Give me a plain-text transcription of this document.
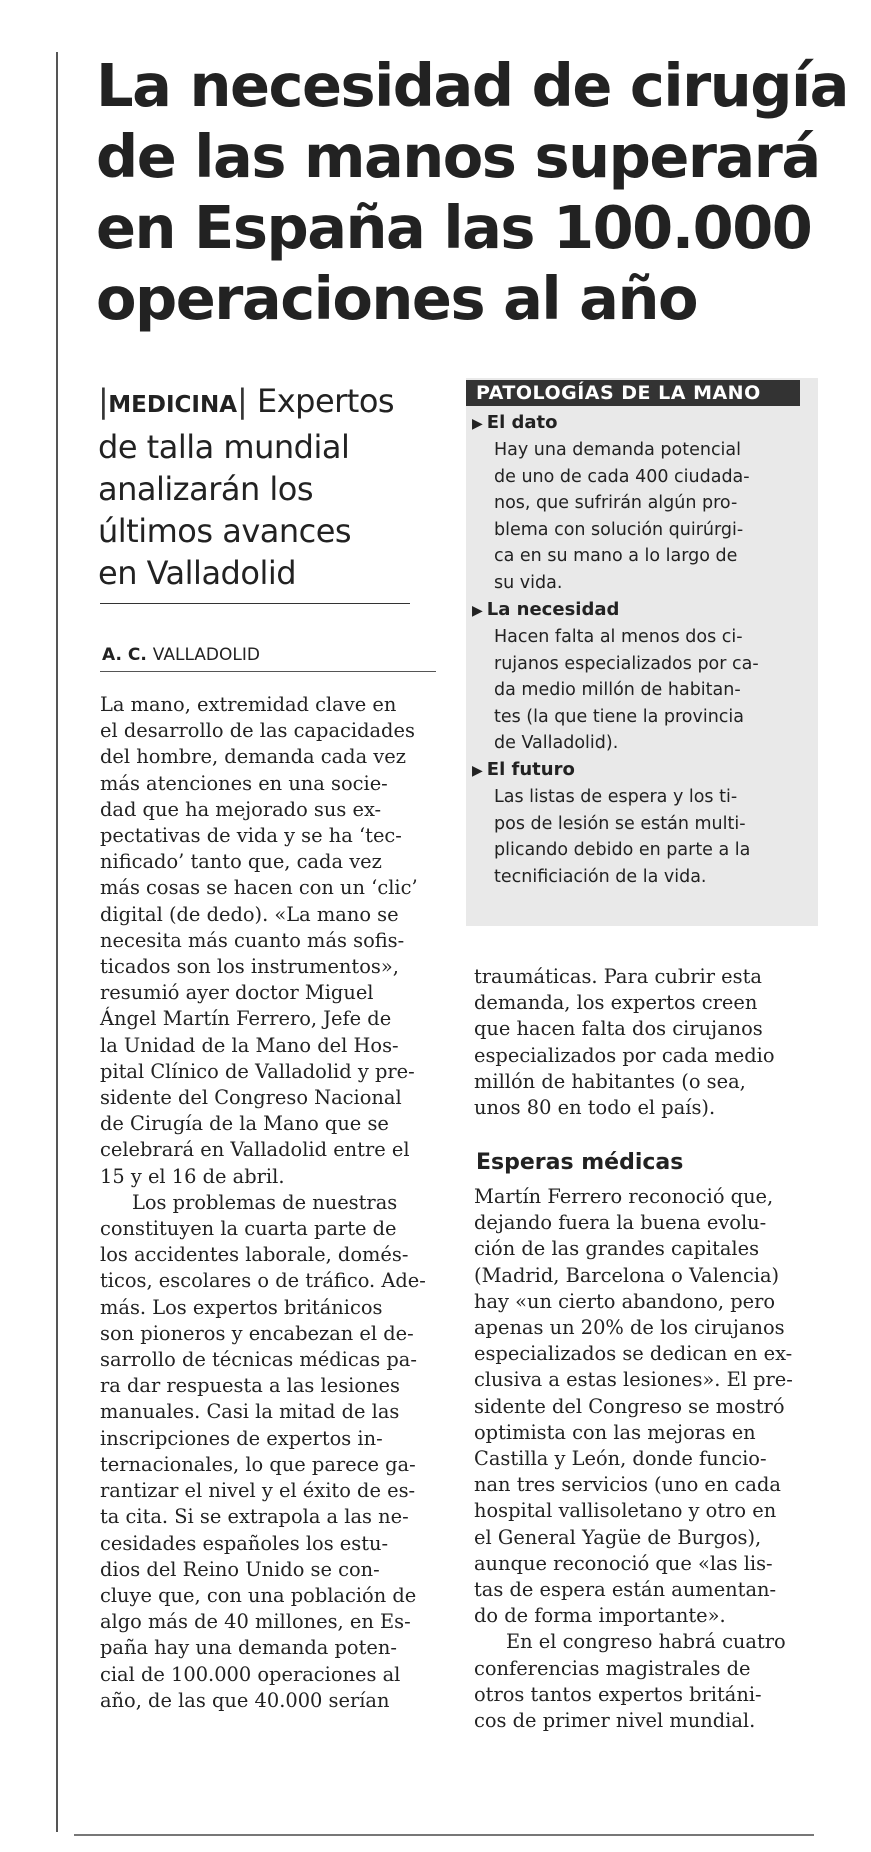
La necesidad de cirugía
de las manos superará
en España las 100.000
operaciones al año
|MEDICINA| Expertos
de talla mundial
analizarán los
últimos avances
en Valladolid
A. C. VALLADOLID
PATOLOGÍAS DE LA MANO
▶ El dato

Hay una demanda potencial

de uno de cada 400 ciudada-

nos, que sufrirán algún pro-

blema con solución quirúrgi-

ca en su mano a lo largo de

su vida.

▶ La necesidad

Hacen falta al menos dos ci-

rujanos especializados por ca-

da medio millón de habitan-

tes (la que tiene la provincia

de Valladolid).

▶ El futuro

Las listas de espera y los ti-

pos de lesión se están multi-

plicando debido en parte a la

tecnificiación de la vida.

La mano, extremidad clave en

el desarrollo de las capacidades

del hombre, demanda cada vez

más atenciones en una socie-

dad que ha mejorado sus ex-

pectativas de vida y se ha ‘tec-

nificado’ tanto que, cada vez

más cosas se hacen con un ‘clic’

digital (de dedo). «La mano se

necesita más cuanto más sofis-

ticados son los instrumentos»,

resumió ayer doctor Miguel

Ángel Martín Ferrero, Jefe de

la Unidad de la Mano del Hos-

pital Clínico de Valladolid y pre-

sidente del Congreso Nacional

de Cirugía de la Mano que se

celebrará en Valladolid entre el

15 y el 16 de abril.

Los problemas de nuestras

constituyen la cuarta parte de

los accidentes laborale, domés-

ticos, escolares o de tráfico. Ade-

más. Los expertos británicos

son pioneros y encabezan el de-

sarrollo de técnicas médicas pa-

ra dar respuesta a las lesiones

manuales. Casi la mitad de las

inscripciones de expertos in-

ternacionales, lo que parece ga-

rantizar el nivel y el éxito de es-

ta cita. Si se extrapola a las ne-

cesidades españoles los estu-

dios del Reino Unido se con-

cluye que, con una población de

algo más de 40 millones, en Es-

paña hay una demanda poten-

cial de 100.000 operaciones al

año, de las que 40.000 serían

traumáticas. Para cubrir esta

demanda, los expertos creen

que hacen falta dos cirujanos

especializados por cada medio

millón de habitantes (o sea,

unos 80 en todo el país).

Esperas médicas

Martín Ferrero reconoció que,

dejando fuera la buena evolu-

ción de las grandes capitales

(Madrid, Barcelona o Valencia)

hay «un cierto abandono, pero

apenas un 20% de los cirujanos

especializados se dedican en ex-

clusiva a estas lesiones». El pre-

sidente del Congreso se mostró

optimista con las mejoras en

Castilla y León, donde funcio-

nan tres servicios (uno en cada

hospital vallisoletano y otro en

el General Yagüe de Burgos),

aunque reconoció que «las lis-

tas de espera están aumentan-

do de forma importante».

En el congreso habrá cuatro

conferencias magistrales de

otros tantos expertos británi-

cos de primer nivel mundial.
